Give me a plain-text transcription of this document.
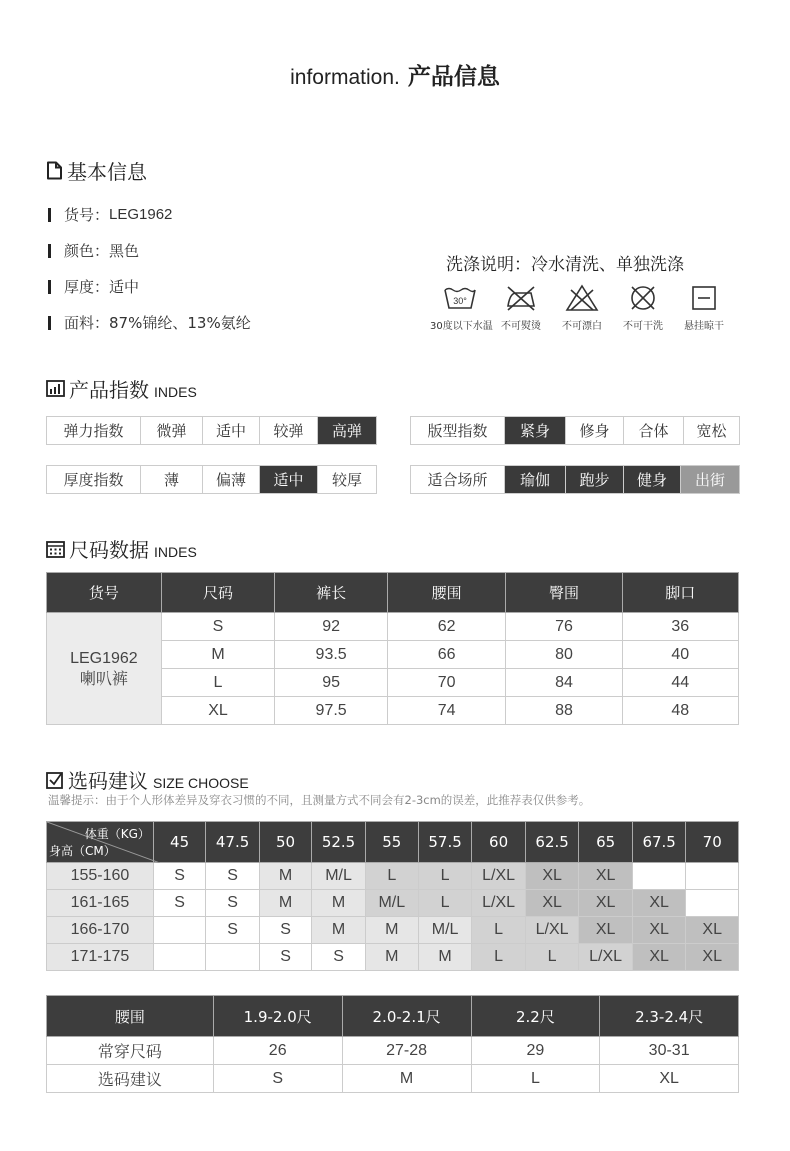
information. 产品信息
基本信息
货号： LEG1962
颜色： 黑色
厚度： 适中
面料： 87%锦纶、13%氨纶
洗涤说明：冷水清洗、单独洗涤
30°
30度以下水温 不可熨烫	不可漂白	不可干洗	悬挂晾干
产品指数 INDES
弹力指数	微弹	适中	较弹	高弹	版型指数	紧身	修身	合体	宽松
厚度指数	薄	偏薄	适中	较厚	适合场所	瑜伽	跑步	健身	出街
尺码数据 INDES
货号	尺码	裤长	腰围	臀围	脚口

LEG1962
喇叭裤	S	92	62	76	36
	M	93.5	66	80	40
	L	95	70	84	44
	XL	97.5	74	88	48
选码建议 SIZE CHOOSE
温馨提示：由于个人形体差异及穿衣习惯的不同，且测量方式不同会有2-3cm的误差，此推荐表仅供参考。
体重（KG）
身高（CM）	45	47.5	50	52.5	55	57.5	60	62.5	65	67.5	70
155-160	S	S	M	M/L	L	L	L/XL	XL	XL		
161-165	S	S	M	M	M/L	L	L/XL	XL	XL	XL	
166-170		S	S	M	M	M/L	L	L/XL	XL	XL	XL
171-175			S	S	M	M	L	L	L/XL	XL	XL
腰围	1.9-2.0尺	2.0-2.1尺	2.2尺	2.3-2.4尺
常穿尺码	26	27-28	29	30-31
选码建议	S	M	L	XL
